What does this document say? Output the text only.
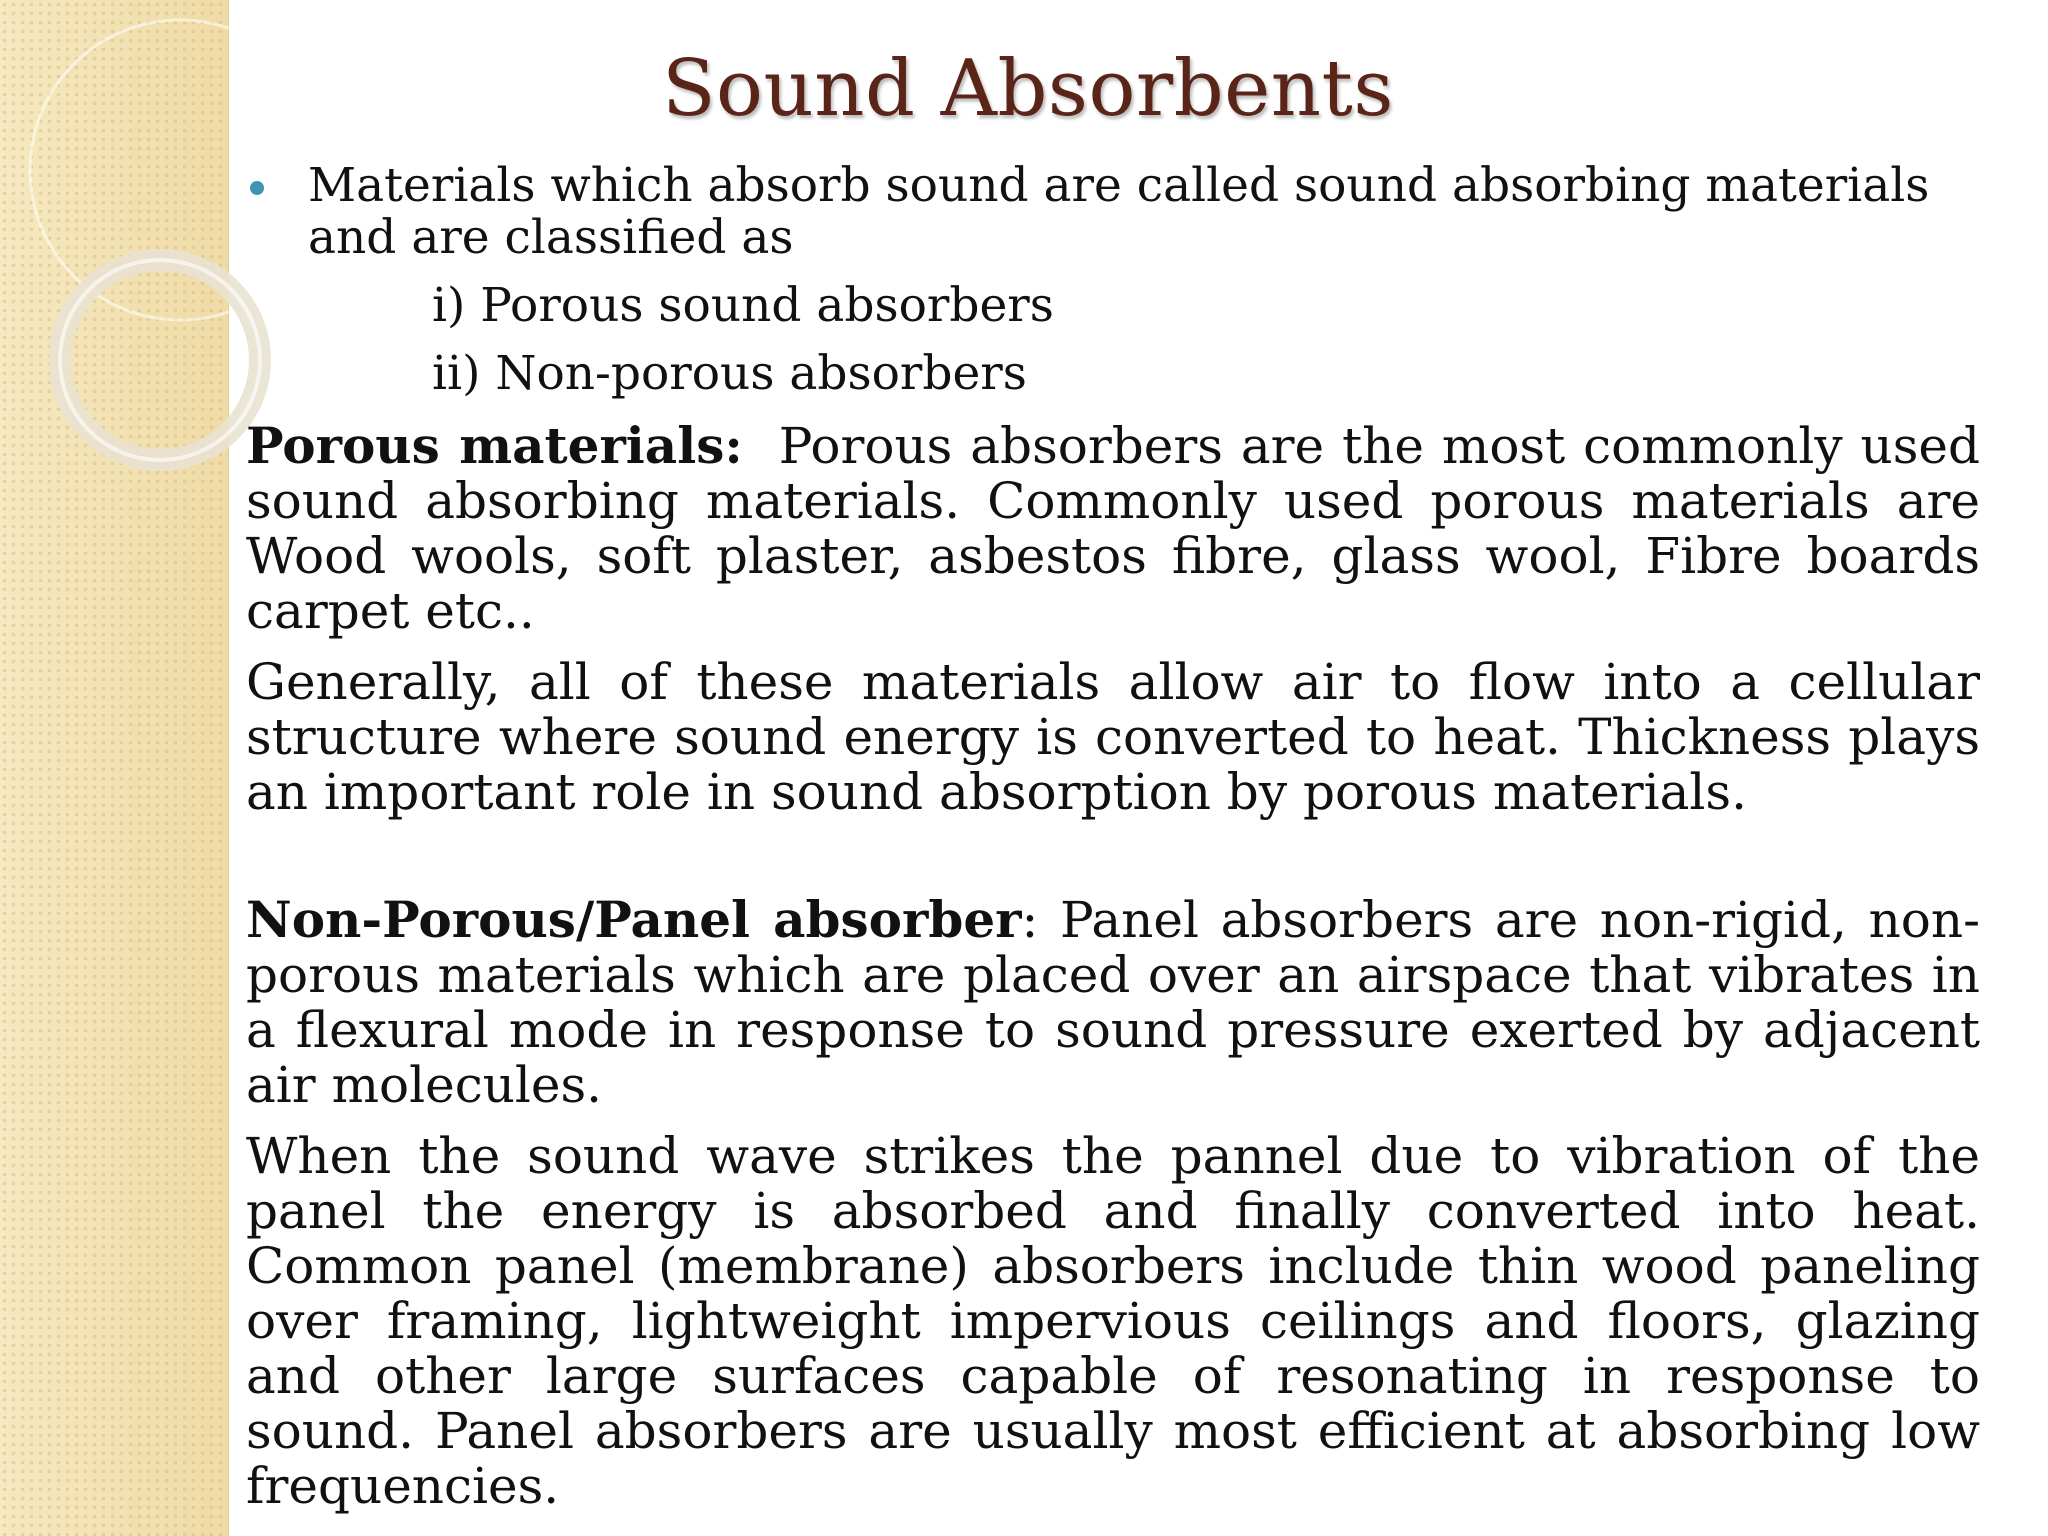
Sound Absorbents
Materials which absorb sound are called sound absorbing materials and are classified as
i) Porous sound absorbers
ii) Non-porous absorbers

Porous materials: Porous absorbers are the most commonly used sound absorbing materials. Commonly used porous materials are Wood wools, soft plaster, asbestos fibre, glass wool, Fibre boards carpet etc..

Generally, all of these materials allow air to flow into a cellular structure where sound energy is converted to heat. Thickness plays an important role in sound absorption by porous materials.

Non-Porous/Panel absorber: Panel absorbers are non-rigid, non-porous materials which are placed over an airspace that vibrates in a flexural mode in response to sound pressure exerted by adjacent air molecules.

When the sound wave strikes the pannel due to vibration of the panel the energy is absorbed and finally converted into heat. Common panel (membrane) absorbers include thin wood paneling over framing, lightweight impervious ceilings and floors, glazing and other large surfaces capable of resonating in response to sound. Panel absorbers are usually most efficient at absorbing low frequencies.
